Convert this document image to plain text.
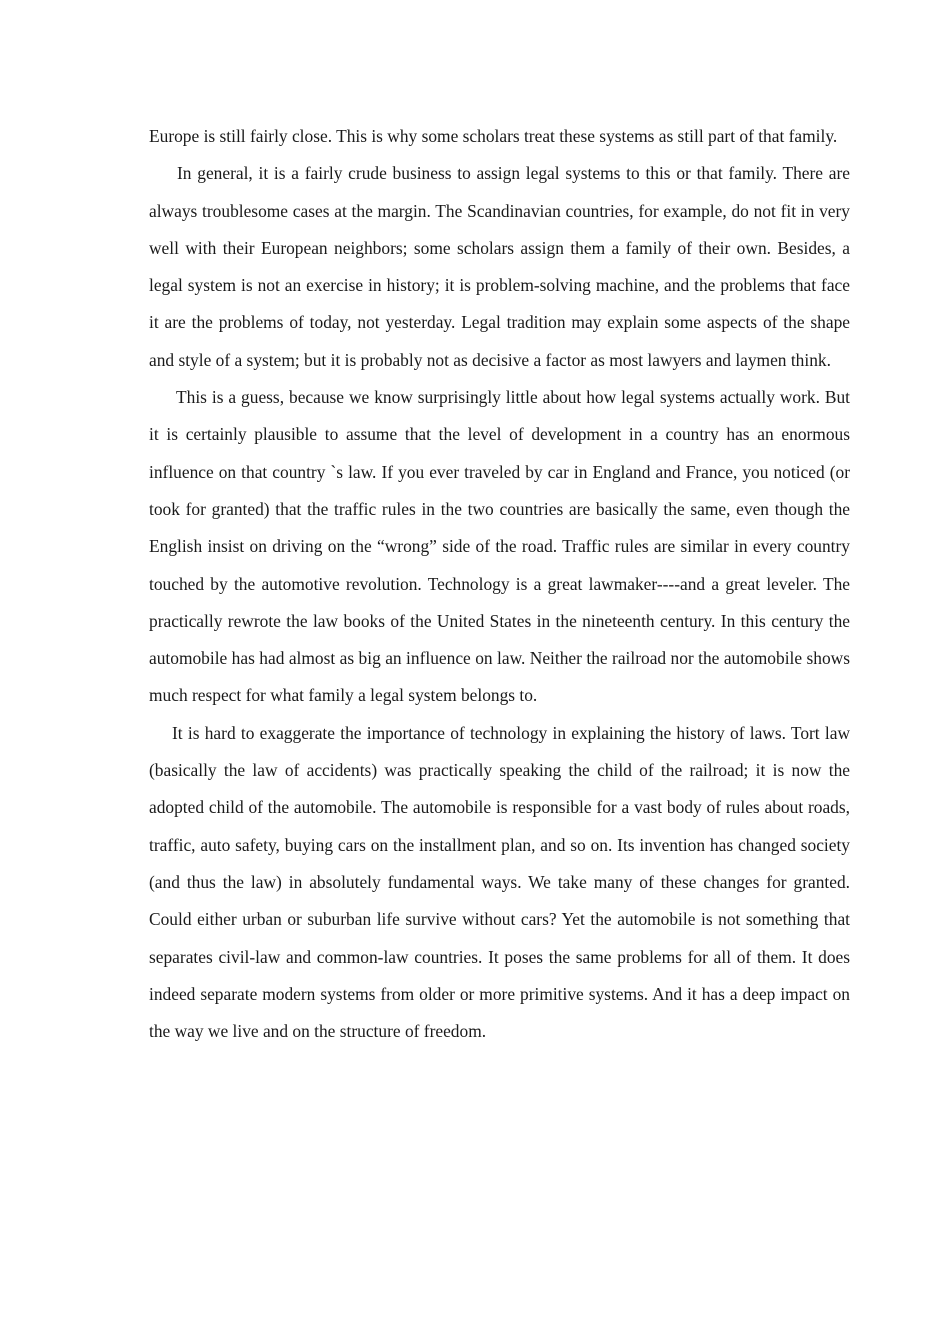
Europe is still fairly close. This is why some scholars treat these systems as still part of that family.

In general, it is a fairly crude business to assign legal systems to this or that family. There are always troublesome cases at the margin. The Scandinavian countries, for example, do not fit in very well with their European neighbors; some scholars assign them a family of their own. Besides, a legal system is not an exercise in history; it is problem-solving machine, and the problems that face it are the problems of today, not yesterday. Legal tradition may explain some aspects of the shape and style of a system; but it is probably not as decisive a factor as most lawyers and laymen think.

This is a guess, because we know surprisingly little about how legal systems actually work. But it is certainly plausible to assume that the level of development in a country has an enormous influence on that country `s law. If you ever traveled by car in England and France, you noticed (or took for granted) that the traffic rules in the two countries are basically the same, even though the English insist on driving on the “wrong” side of the road. Traffic rules are similar in every country touched by the automotive revolution. Technology is a great lawmaker----and a great leveler. The practically rewrote the law books of the United States in the nineteenth century. In this century the automobile has had almost as big an influence on law. Neither the railroad nor the automobile shows much respect for what family a legal system belongs to.

It is hard to exaggerate the importance of technology in explaining the history of laws. Tort law (basically the law of accidents) was practically speaking the child of the railroad; it is now the adopted child of the automobile. The automobile is responsible for a vast body of rules about roads, traffic, auto safety, buying cars on the installment plan, and so on. Its invention has changed society (and thus the law) in absolutely fundamental ways. We take many of these changes for granted. Could either urban or suburban life survive without cars? Yet the automobile is not something that separates civil-law and common-law countries. It poses the same problems for all of them. It does indeed separate modern systems from older or more primitive systems. And it has a deep impact on the way we live and on the structure of freedom.
